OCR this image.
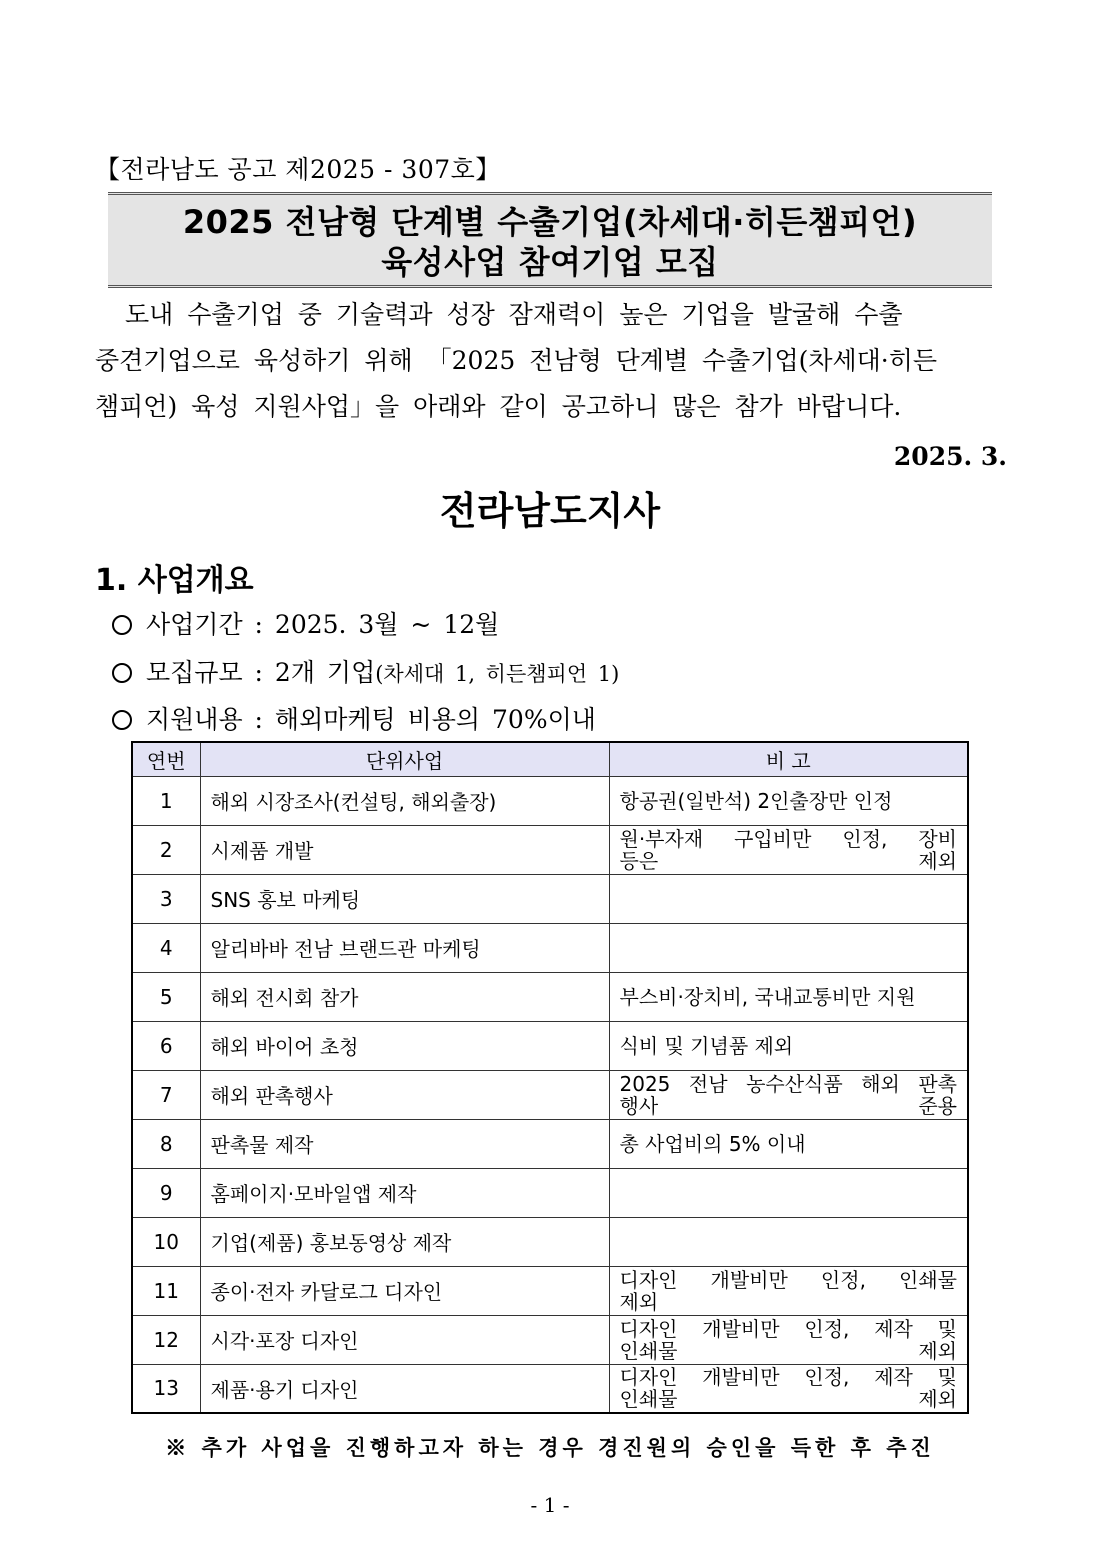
【전라남도 공고 제2025 - 307호】
2025 전남형 단계별 수출기업(차세대·히든챔피언)
육성사업 참여기업 모집

도내 수출기업 중 기술력과 성장 잠재력이 높은 기업을 발굴해 수출

중견기업으로 육성하기 위해 「2025 전남형 단계별 수출기업(차세대·히든

챔피언) 육성 지원사업」을 아래와 같이 공고하니 많은 참가 바랍니다.

2025. 3.
전라남도지사
1. 사업개요
사업기간 : 2025. 3월 ~ 12월
모집규모 : 2개 기업(차세대 1, 히든챔피언 1)
지원내용 : 해외마케팅 비용의 70%이내
연번	단위사업	비 고
1	해외 시장조사(컨설팅, 해외출장)	항공권(일반석) 2인출장만 인정
2	시제품 개발	원·부자재 구입비만 인정, 장비
등은 제외

3	SNS 홍보 마케팅	
4	알리바바 전남 브랜드관 마케팅	
5	해외 전시회 참가	부스비·장치비, 국내교통비만 지원
6	해외 바이어 초청	식비 및 기념품 제외
7	해외 판촉행사	2025 전남 농수산식품 해외 판촉
행사 준용

8	판촉물 제작	총 사업비의 5% 이내
9	홈페이지·모바일앱 제작	
10	기업(제품) 홍보동영상 제작	
11	종이·전자 카달로그 디자인	디자인 개발비만 인정, 인쇄물
제외

12	시각·포장 디자인	디자인 개발비만 인정, 제작 및
인쇄물 제외

13	제품·용기 디자인	디자인 개발비만 인정, 제작 및
인쇄물 제외
※ 추가 사업을 진행하고자 하는 경우 경진원의 승인을 득한 후 추진
- 1 -
